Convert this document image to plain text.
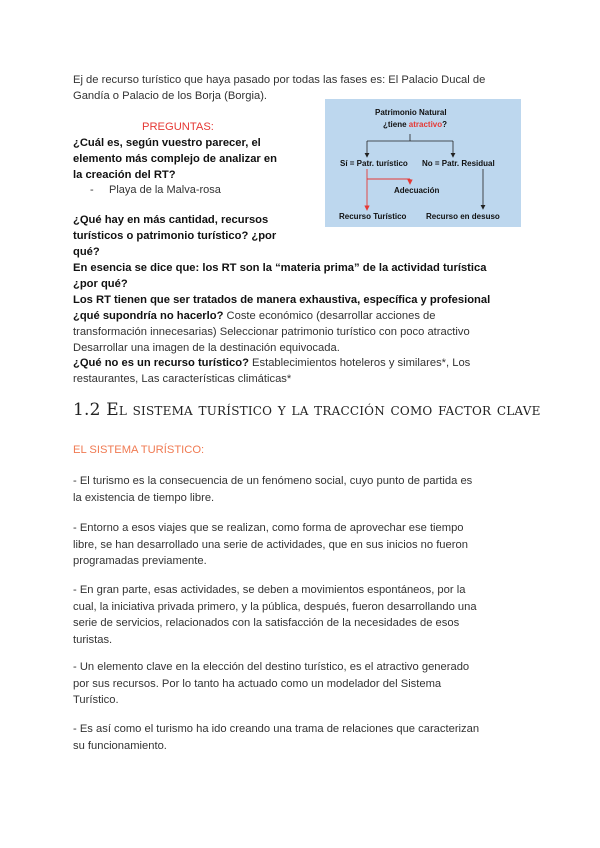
Ej de recurso turístico que haya pasado por todas las fases es: El Palacio Ducal de
Gandía o Palacio de los Borja (Borgia).
PREGUNTAS:
¿Cuál es, según vuestro parecer, el
elemento más complejo de analizar en
la creación del RT?
- Playa de la Malva-rosa
¿Qué hay en más cantidad, recursos
turísticos o patrimonio turístico? ¿por
qué?
En esencia se dice que: los RT son la “materia prima” de la actividad turística
¿por qué?
Los RT tienen que ser tratados de manera exhaustiva, específica y profesional
¿qué supondría no hacerlo? Coste económico (desarrollar acciones de
transformación innecesarias) Seleccionar patrimonio turístico con poco atractivo
Desarrollar una imagen de la destinación equivocada.
¿Qué no es un recurso turístico? Establecimientos hoteleros y similares*, Los
restaurantes, Las características climáticas*
Patrimonio Natural
¿tiene atractivo?
Sí = Patr. turístico No = Patr. Residual
Adecuación
Recurso Turístico Recurso en desuso
1.2 El sistema turístico y la tracción como factor clave
EL SISTEMA TURÍSTICO:
- El turismo es la consecuencia de un fenómeno social, cuyo punto de partida es
la existencia de tiempo libre.
- Entorno a esos viajes que se realizan, como forma de aprovechar ese tiempo
libre, se han desarrollado una serie de actividades, que en sus inicios no fueron
programadas previamente.
- En gran parte, esas actividades, se deben a movimientos espontáneos, por la
cual, la iniciativa privada primero, y la pública, después, fueron desarrollando una
serie de servicios, relacionados con la satisfacción de la necesidades de esos
turistas.
- Un elemento clave en la elección del destino turístico, es el atractivo generado
por sus recursos. Por lo tanto ha actuado como un modelador del Sistema
Turístico.
- Es así como el turismo ha ido creando una trama de relaciones que caracterizan
su funcionamiento.
